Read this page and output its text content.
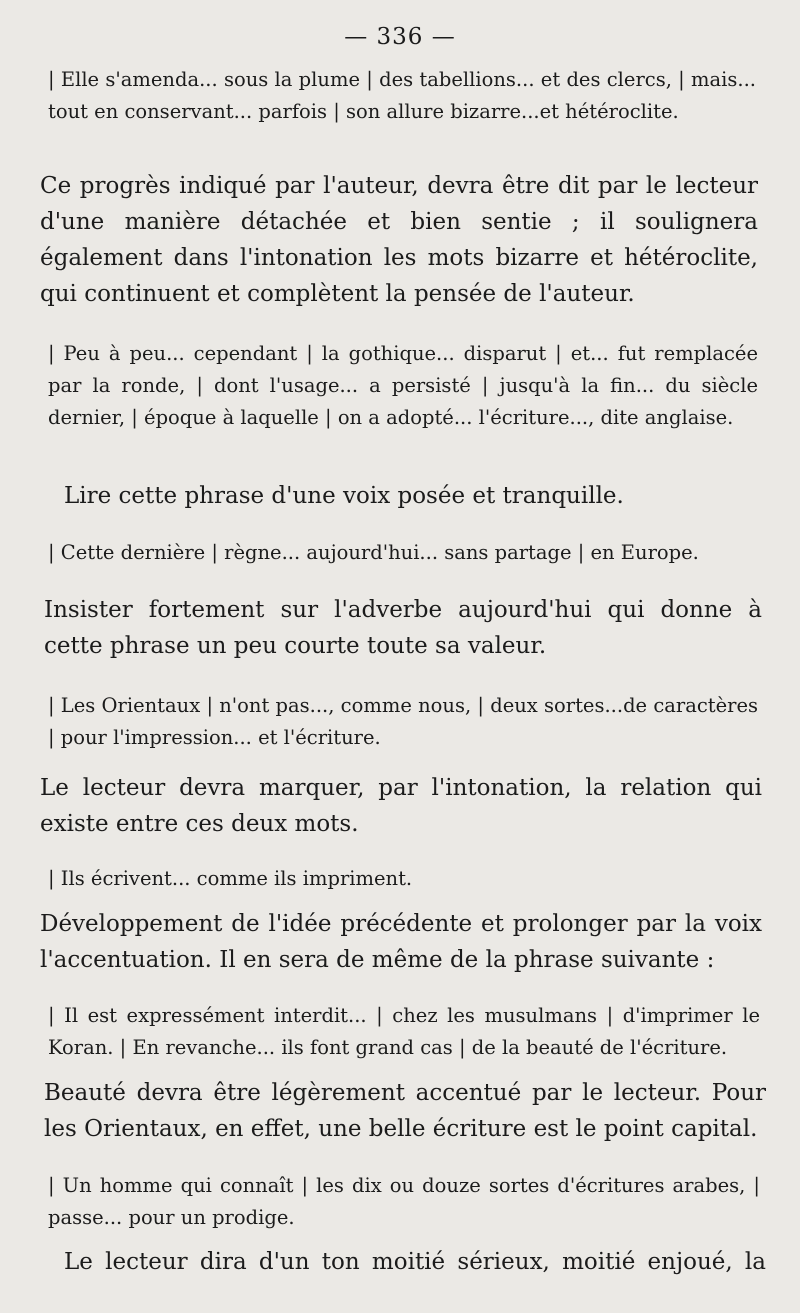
— 336 —
| Elle s'amenda... sous la plume | des tabellions... et des clercs, | mais... tout en conservant... parfois | son allure bizarre...et hétéroclite.
Ce progrès indiqué par l'auteur, devra être dit par le lecteur d'une manière détachée et bien sentie ; il soulignera également dans l'intonation les mots bizarre et hétéroclite, qui continuent et complètent la pensée de l'auteur.
| Peu à peu... cependant | la gothique... disparut | et... fut remplacée par la ronde, | dont l'usage... a persisté | jusqu'à la fin... du siècle dernier, | époque à laquelle | on a adopté... l'écriture..., dite anglaise.
Lire cette phrase d'une voix posée et tranquille.
| Cette dernière | règne... aujourd'hui... sans partage | en Europe.
Insister fortement sur l'adverbe aujourd'hui qui donne à cette phrase un peu courte toute sa valeur.
| Les Orientaux | n'ont pas..., comme nous, | deux sortes...de caractères | pour l'impression... et l'écriture.
Le lecteur devra marquer, par l'intonation, la relation qui existe entre ces deux mots.
| Ils écrivent... comme ils impriment.
Développement de l'idée précédente et prolonger par la voix l'accentuation. Il en sera de même de la phrase suivante :
| Il est expressément interdit... | chez les musulmans | d'imprimer le Koran. | En revanche... ils font grand cas | de la beauté de l'écriture.
Beauté devra être légèrement accentué par le lecteur. Pour les Orientaux, en effet, une belle écriture est le point capital.
| Un homme qui connaît | les dix ou douze sortes d'écritures arabes, | passe... pour un prodige.
Le lecteur dira d'un ton moitié sérieux, moitié enjoué, la
